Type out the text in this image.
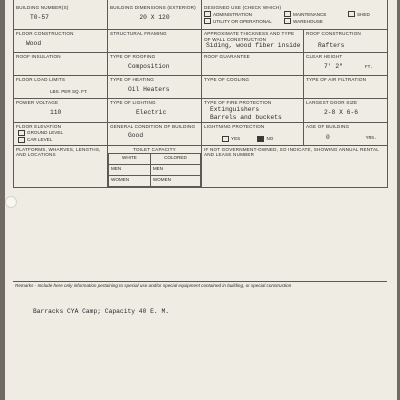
BUILDING NUMBER(S)
T0-57

BUILDING DIMENSIONS (EXTERIOR)
20 X 120

DESIGNED USE (CHECK WHICH)
ADMINISTRATION	MAINTENANCE	SHED
UTILITY OR OPERATIONAL	WAREHOUSE

FLOOR CONSTRUCTION
Wood

STRUCTURAL FRAMING	APPROXIMATE THICKNESS AND TYPE OF WALL CONSTRUCTION
Siding, wood fiber inside

ROOF CONSTRUCTION
Rafters

ROOF INSULATION	TYPE OF ROOFING
Composition

ROOF GUARANTEE	CLEAR HEIGHT
7' 2"	FT.

FLOOR LOAD LIMITS
LBS. PER SQ. FT.

TYPE OF HEATING
Oil Heaters

TYPE OF COOLING	TYPE OF AIR FILTRATION

POWER VOLTAGE
110

TYPE OF LIGHTING
Electric

TYPE OF FIRE PROTECTION
Extinguishers
Barrels and buckets

LARGEST DOOR SIZE
2-8 X 6-6

FLOOR ELEVATION
GROUND LEVEL
CAR LEVEL

GENERAL CONDITION OF BUILDING
Good

LIGHTNING PROTECTION
YES	NO

AGE OF BUILDING
0	YRS.

PLATFORMS, WHARVES, LENGTHS, AND LOCATIONS

TOILET CAPACITY
WHITE	COLORED
MEN	MEN
WOMEN	WOMEN

IF NOT GOVERNMENT-OWNED, SO INDICATE, SHOWING ANNUAL RENTAL AND LEASE NUMBER
Remarks - Include here only information pertaining to special use and/or special equipment contained in building, or special construction
Barracks CYA Camp; Capacity 40 E. M.
